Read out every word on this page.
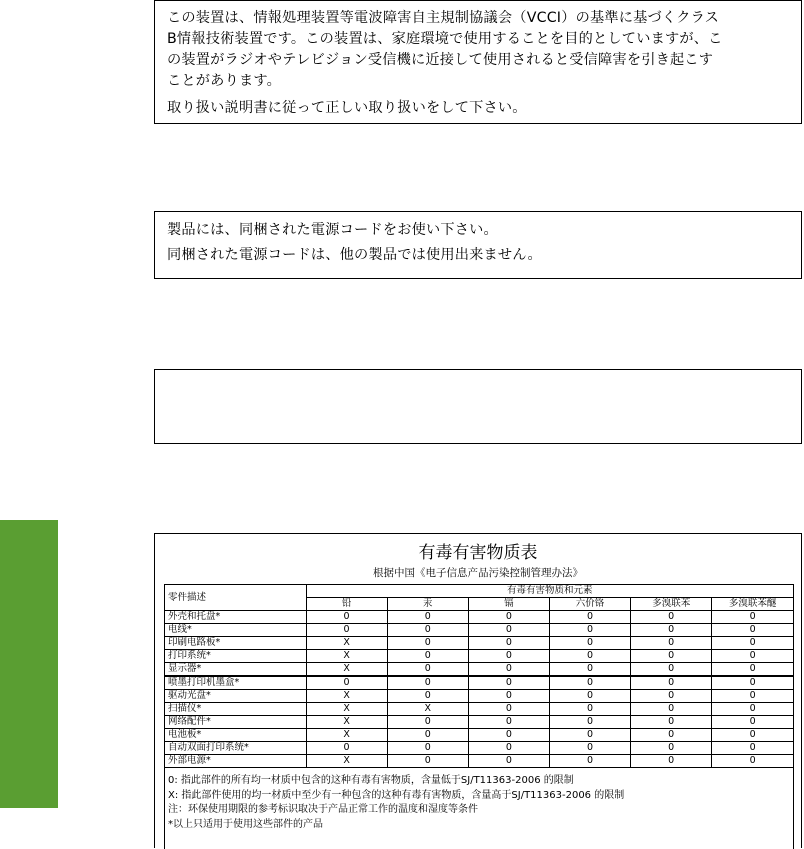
この装置は、情報処理装置等電波障害自主規制協議会（VCCI）の基準に基づくクラス
B情報技術装置です。この装置は、家庭環境で使用することを目的としていますが、こ
の装置がラジオやテレビジョン受信機に近接して使用されると受信障害を引き起こす
ことがあります。

取り扱い説明書に従って正しい取り扱いをして下さい。

製品には、同梱された電源コードをお使い下さい。

同梱された電源コードは、他の製品では使用出来ません。

有毒有害物质表
根据中国《电子信息产品污染控制管理办法》
零件描述	有毒有害物质和元素					
	铅	汞	镉	六价铬	多溴联苯	多溴联苯醚
外壳和托盘*	0	0	0	0	0	0
电线*	0	0	0	0	0	0
印刷电路板*	X	0	0	0	0	0
打印系统*	X	0	0	0	0	0
显示器*	X	0	0	0	0	0
喷墨打印机墨盒*	0	0	0	0	0	0
驱动光盘*	X	0	0	0	0	0
扫描仪*	X	X	0	0	0	0
网络配件*	X	0	0	0	0	0
电池板*	X	0	0	0	0	0
自动双面打印系统*	0	0	0	0	0	0
外部电源*	X	0	0	0	0	0

0: 指此部件的所有均一材质中包含的这种有毒有害物质，含量低于SJ/T11363-2006 的限制

X: 指此部件使用的均一材质中至少有一种包含的这种有毒有害物质，含量高于SJ/T11363-2006 的限制

注：环保使用期限的参考标识取决于产品正常工作的温度和湿度等条件

*以上只适用于使用这些部件的产品
